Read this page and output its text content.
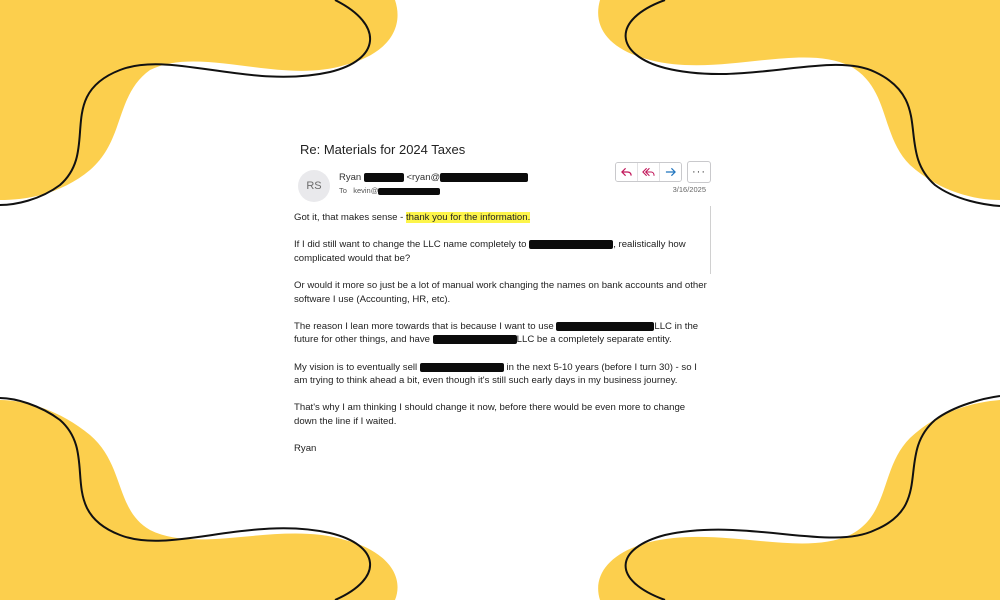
Re: Materials for 2024 Taxes
RS
Ryan	<ryan@
To kevin@
···
3/16/2025

Got it, that makes sense - thank you for the information.

If I did still want to change the LLC name completely to	, realistically how complicated would that be?

Or would it more so just be a lot of manual work changing the names on bank accounts and other software I use (Accounting, HR, etc).

The reason I lean more towards that is because I want to use	LLC in the future for other things, and have	LLC be a completely separate entity.

My vision is to eventually sell	in the next 5-10 years (before I turn 30) - so I am trying to think ahead a bit, even though it's still such early days in my business journey.

That's why I am thinking I should change it now, before there would be even more to change down the line if I waited.

Ryan
